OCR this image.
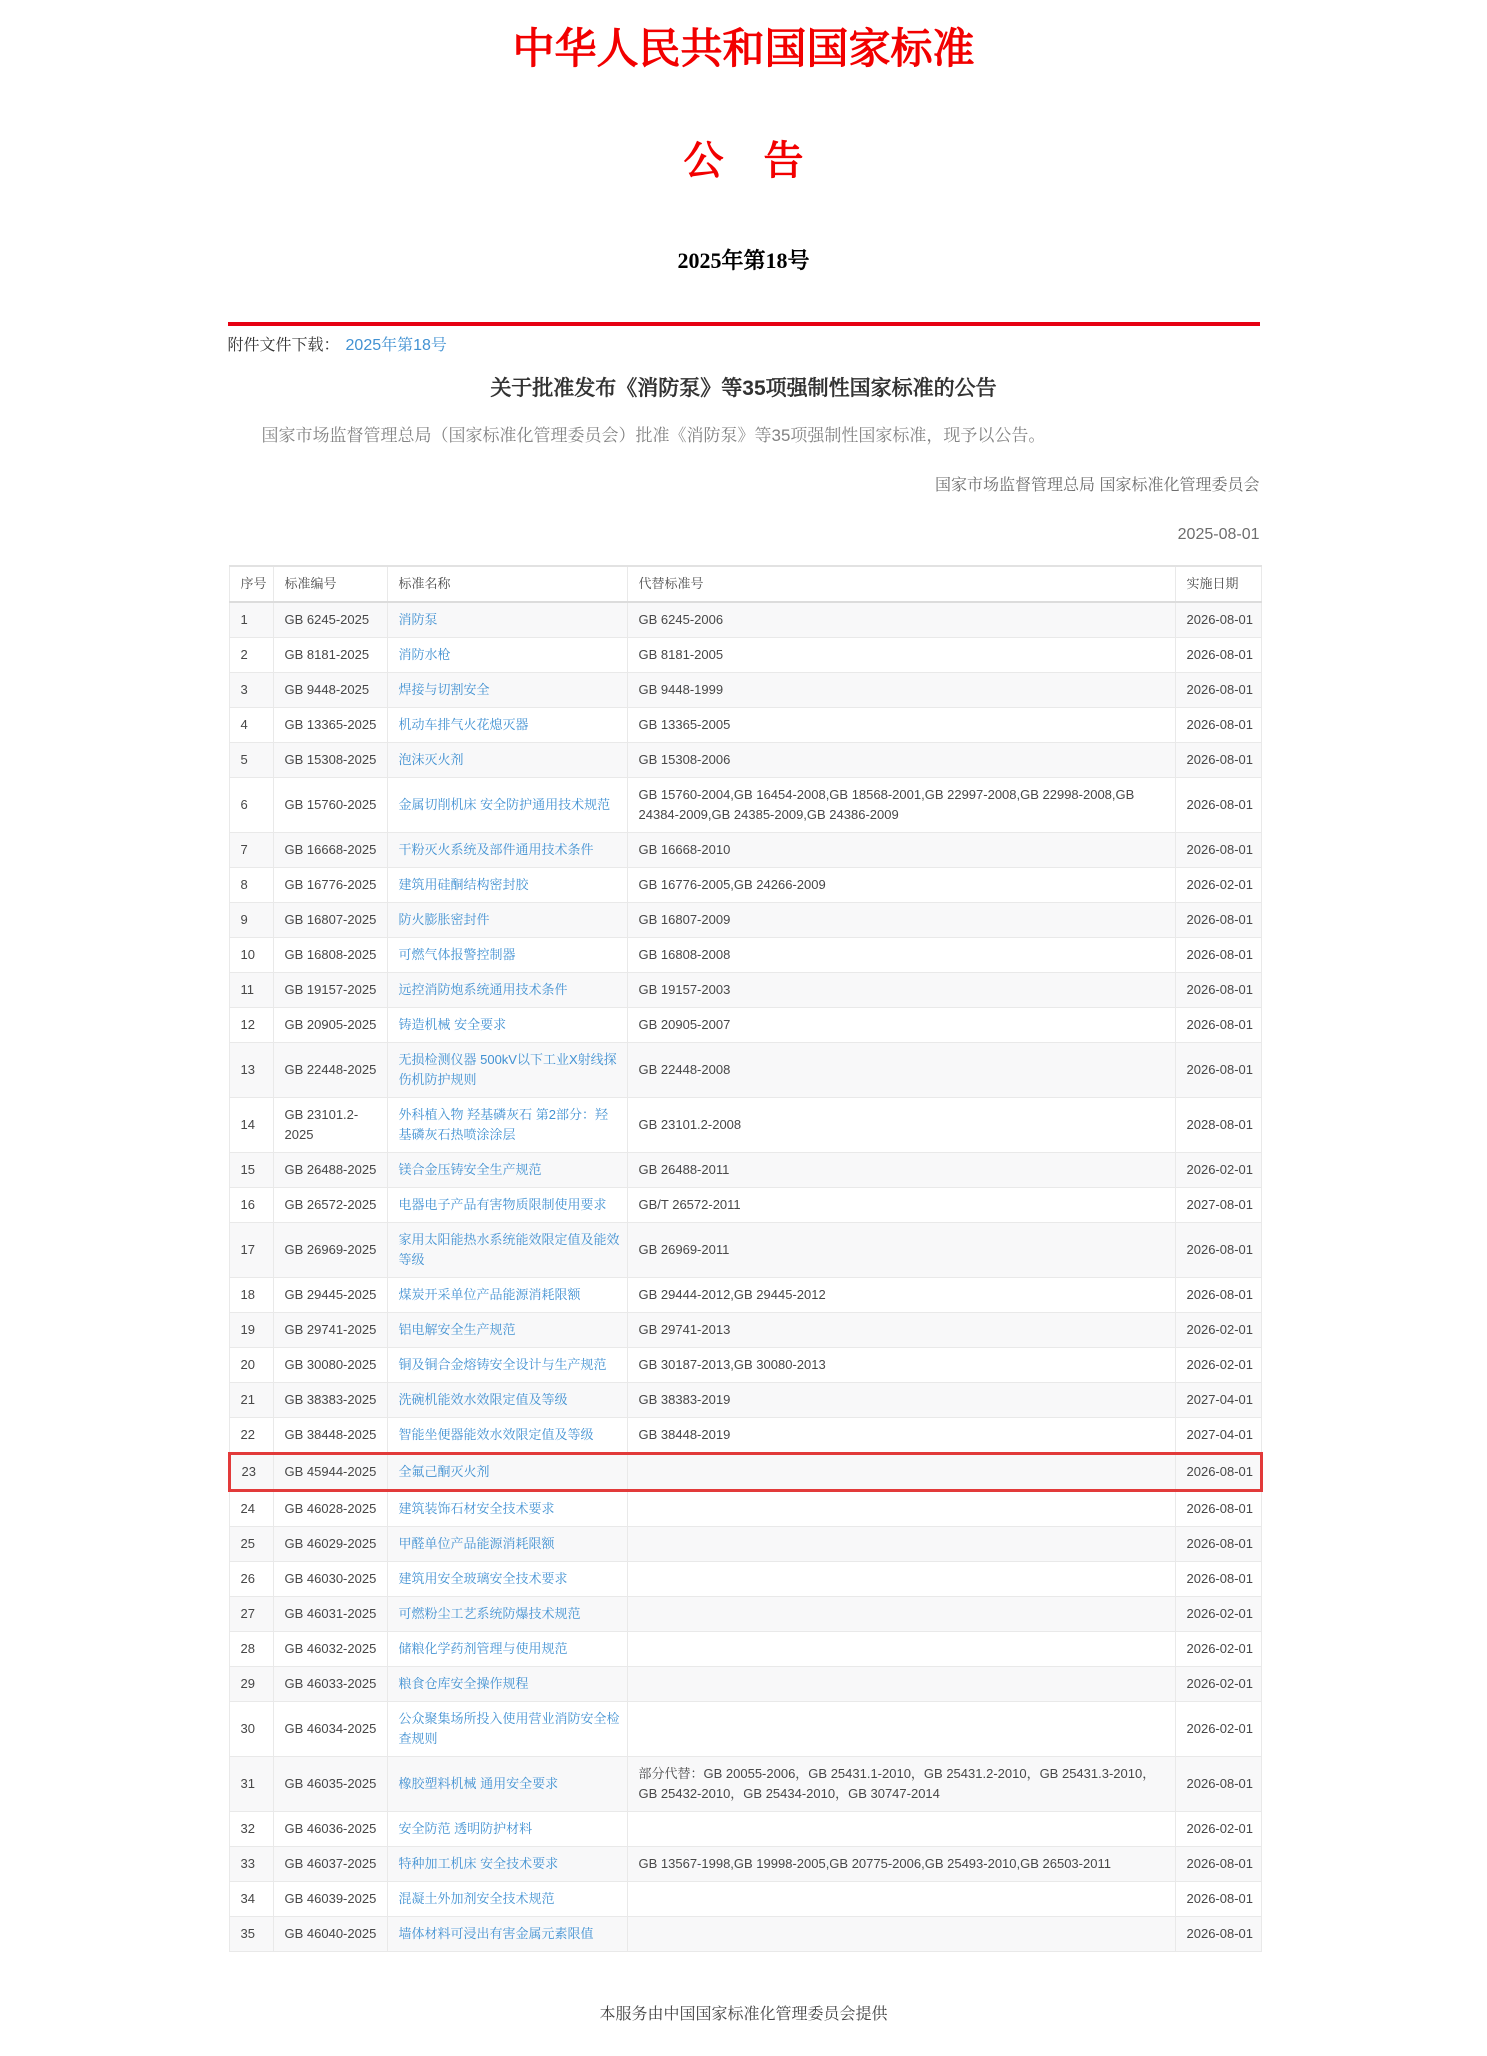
中华人民共和国国家标准
公　告
2025年第18号
附件文件下载： 2025年第18号
关于批准发布《消防泵》等35项强制性国家标准的公告

国家市场监督管理总局（国家标准化管理委员会）批准《消防泵》等35项强制性国家标准，现予以公告。

国家市场监督管理总局 国家标准化管理委员会

2025-08-01

序号	标准编号	标准名称	代替标准号	实施日期
1	GB 6245-2025	消防泵	GB 6245-2006	2026-08-01
2	GB 8181-2025	消防水枪	GB 8181-2005	2026-08-01
3	GB 9448-2025	焊接与切割安全	GB 9448-1999	2026-08-01
4	GB 13365-2025	机动车排气火花熄灭器	GB 13365-2005	2026-08-01
5	GB 15308-2025	泡沫灭火剂	GB 15308-2006	2026-08-01
6	GB 15760-2025	金属切削机床 安全防护通用技术规范	GB 15760-2004,GB 16454-2008,GB 18568-2001,GB 22997-2008,GB 22998-2008,GB 24384-2009,GB 24385-2009,GB 24386-2009	2026-08-01
7	GB 16668-2025	干粉灭火系统及部件通用技术条件	GB 16668-2010	2026-08-01
8	GB 16776-2025	建筑用硅酮结构密封胶	GB 16776-2005,GB 24266-2009	2026-02-01
9	GB 16807-2025	防火膨胀密封件	GB 16807-2009	2026-08-01
10	GB 16808-2025	可燃气体报警控制器	GB 16808-2008	2026-08-01
11	GB 19157-2025	远控消防炮系统通用技术条件	GB 19157-2003	2026-08-01
12	GB 20905-2025	铸造机械 安全要求	GB 20905-2007	2026-08-01
13	GB 22448-2025	无损检测仪器 500kV以下工业X射线探伤机防护规则	GB 22448-2008	2026-08-01
14	GB 23101.2-2025	外科植入物 羟基磷灰石 第2部分：羟基磷灰石热喷涂涂层	GB 23101.2-2008	2028-08-01
15	GB 26488-2025	镁合金压铸安全生产规范	GB 26488-2011	2026-02-01
16	GB 26572-2025	电器电子产品有害物质限制使用要求	GB/T 26572-2011	2027-08-01
17	GB 26969-2025	家用太阳能热水系统能效限定值及能效等级	GB 26969-2011	2026-08-01
18	GB 29445-2025	煤炭开采单位产品能源消耗限额	GB 29444-2012,GB 29445-2012	2026-08-01
19	GB 29741-2025	铝电解安全生产规范	GB 29741-2013	2026-02-01
20	GB 30080-2025	铜及铜合金熔铸安全设计与生产规范	GB 30187-2013,GB 30080-2013	2026-02-01
21	GB 38383-2025	洗碗机能效水效限定值及等级	GB 38383-2019	2027-04-01
22	GB 38448-2025	智能坐便器能效水效限定值及等级	GB 38448-2019	2027-04-01
23	GB 45944-2025	全氟己酮灭火剂		2026-08-01
24	GB 46028-2025	建筑装饰石材安全技术要求		2026-08-01
25	GB 46029-2025	甲醛单位产品能源消耗限额		2026-08-01
26	GB 46030-2025	建筑用安全玻璃安全技术要求		2026-08-01
27	GB 46031-2025	可燃粉尘工艺系统防爆技术规范		2026-02-01
28	GB 46032-2025	储粮化学药剂管理与使用规范		2026-02-01
29	GB 46033-2025	粮食仓库安全操作规程		2026-02-01
30	GB 46034-2025	公众聚集场所投入使用营业消防安全检查规则		2026-02-01
31	GB 46035-2025	橡胶塑料机械 通用安全要求	部分代替：GB 20055-2006，GB 25431.1-2010，GB 25431.2-2010，GB 25431.3-2010，GB 25432-2010，GB 25434-2010，GB 30747-2014	2026-08-01
32	GB 46036-2025	安全防范 透明防护材料		2026-02-01
33	GB 46037-2025	特种加工机床 安全技术要求	GB 13567-1998,GB 19998-2005,GB 20775-2006,GB 25493-2010,GB 26503-2011	2026-08-01
34	GB 46039-2025	混凝土外加剂安全技术规范		2026-08-01
35	GB 46040-2025	墙体材料可浸出有害金属元素限值		2026-08-01
本服务由中国国家标准化管理委员会提供
